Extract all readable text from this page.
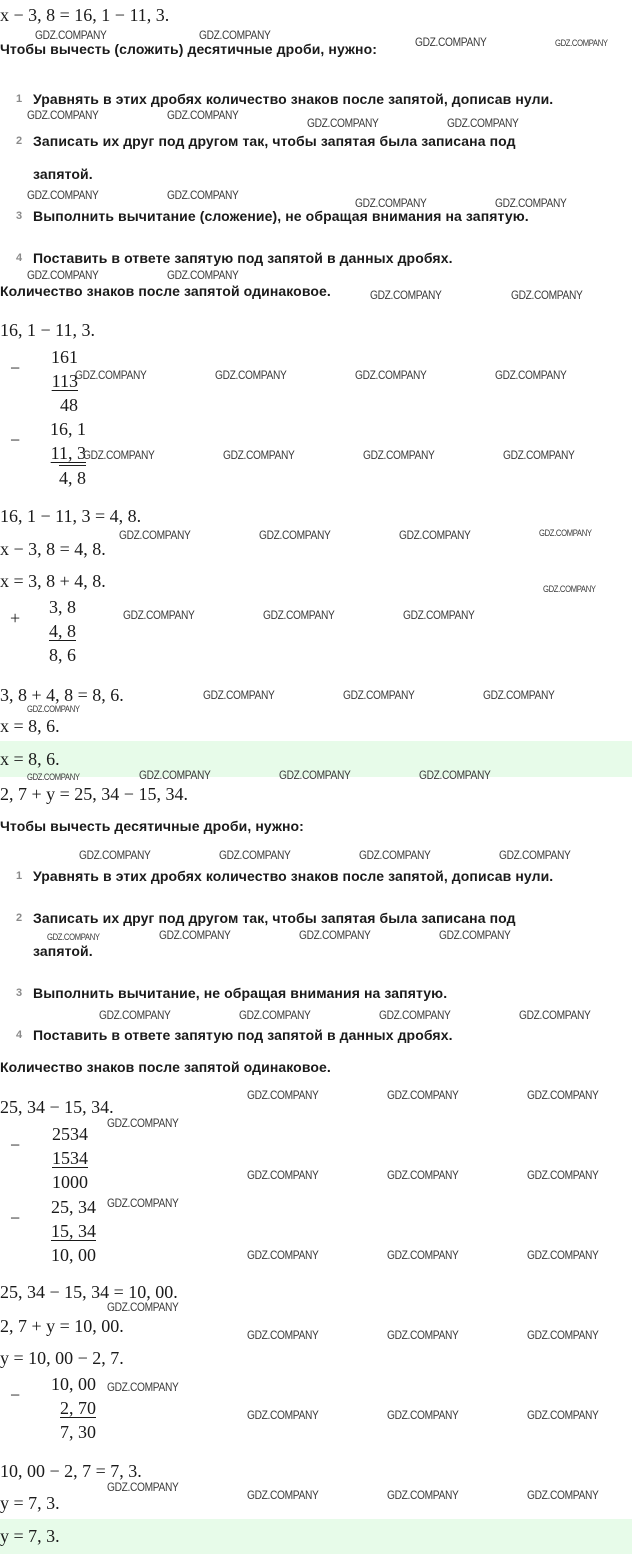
x − 3, 8 = 16, 1 − 11, 3.
Чтобы вычесть (сложить) десятичные дроби, нужно:
1 Уравнять в этих дробях количество знаков после запятой, дописав нули.
2 Записать их друг под другом так, чтобы запятая была записана под
запятой.
3 Выполнить вычитание (сложение), не обращая внимания на запятую.
4 Поставить в ответе запятую под запятой в данных дробях.
Количество знаков после запятой одинаковое.
16, 1 − 11, 3.
−
161
113
48
−
16, 1
11, 3
4, 8
16, 1 − 11, 3 = 4, 8.
x − 3, 8 = 4, 8.
x = 3, 8 + 4, 8.
+
3, 8
4, 8
8, 6
3, 8 + 4, 8 = 8, 6.
x = 8, 6.
x = 8, 6.
2, 7 + y = 25, 34 − 15, 34.
Чтобы вычесть десятичные дроби, нужно:
1 Уравнять в этих дробях количество знаков после запятой, дописав нули.
2 Записать их друг под другом так, чтобы запятая была записана под
запятой.
3 Выполнить вычитание, не обращая внимания на запятую.
4 Поставить в ответе запятую под запятой в данных дробях.
Количество знаков после запятой одинаковое.
25, 34 − 15, 34.
−
2534
1534
1000
−
25, 34
15, 34
10, 00
25, 34 − 15, 34 = 10, 00.
2, 7 + y = 10, 00.
y = 10, 00 − 2, 7.
−
10, 00
2, 70
7, 30
10, 00 − 2, 7 = 7, 3.
y = 7, 3.
y = 7, 3.
GDZ.COMPANY	GDZ.COMPANY
GDZ.COMPANY	GDZ.COMPANY
GDZ.COMPANY	GDZ.COMPANY
GDZ.COMPANY	GDZ.COMPANY
GDZ.COMPANY	GDZ.COMPANY
GDZ.COMPANY	GDZ.COMPANY
GDZ.COMPANY	GDZ.COMPANY
GDZ.COMPANY	GDZ.COMPANY
GDZ.COMPANY	GDZ.COMPANY	GDZ.COMPANY	GDZ.COMPANY
GDZ.COMPANY	GDZ.COMPANY	GDZ.COMPANY	GDZ.COMPANY
GDZ.COMPANY	GDZ.COMPANY	GDZ.COMPANY	GDZ.COMPANY
GDZ.COMPANY
GDZ.COMPANY	GDZ.COMPANY	GDZ.COMPANY
GDZ.COMPANY	GDZ.COMPANY	GDZ.COMPANY
GDZ.COMPANY
GDZ.COMPANY	GDZ.COMPANY	GDZ.COMPANY	GDZ.COMPANY
GDZ.COMPANY	GDZ.COMPANY	GDZ.COMPANY	GDZ.COMPANY
GDZ.COMPANY	GDZ.COMPANY	GDZ.COMPANY	GDZ.COMPANY
GDZ.COMPANY	GDZ.COMPANY	GDZ.COMPANY	GDZ.COMPANY
GDZ.COMPANY	GDZ.COMPANY	GDZ.COMPANY
GDZ.COMPANY
GDZ.COMPANY
GDZ.COMPANY	GDZ.COMPANY	GDZ.COMPANY
GDZ.COMPANY	GDZ.COMPANY	GDZ.COMPANY
GDZ.COMPANY
GDZ.COMPANY	GDZ.COMPANY	GDZ.COMPANY
GDZ.COMPANY
GDZ.COMPANY	GDZ.COMPANY	GDZ.COMPANY
GDZ.COMPANY
GDZ.COMPANY	GDZ.COMPANY	GDZ.COMPANY
